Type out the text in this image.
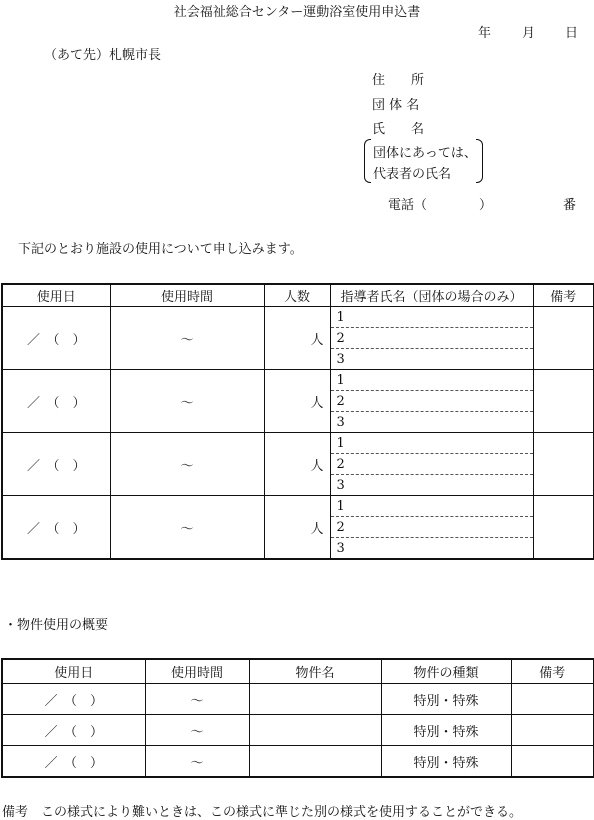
社会福祉総合センター運動浴室使用申込書
年 月 日
（あて先）札幌市長
住　　所
団 体 名
氏　　名
団体にあっては、
代表者の氏名
電話（	）	番
下記のとおり施設の使用について申し込みます。
使用日	使用時間	人数	指導者氏名（団体の場合のみ）	備考
／　（　）	～	人	1	
			2	
			3	
／　（　）	～	人	1	
			2	
			3	
／　（　）	～	人	1	
			2	
			3	
／　（　）	～	人	1	
			2	
			3	
・物件使用の概要
使用日	使用時間	物件名	物件の種類	備考
／　（　）	～		特別・特殊	
／　（　）	～		特別・特殊	
／　（　）	～		特別・特殊	
備考　この様式により難いときは、この様式に準じた別の様式を使用することができる。
